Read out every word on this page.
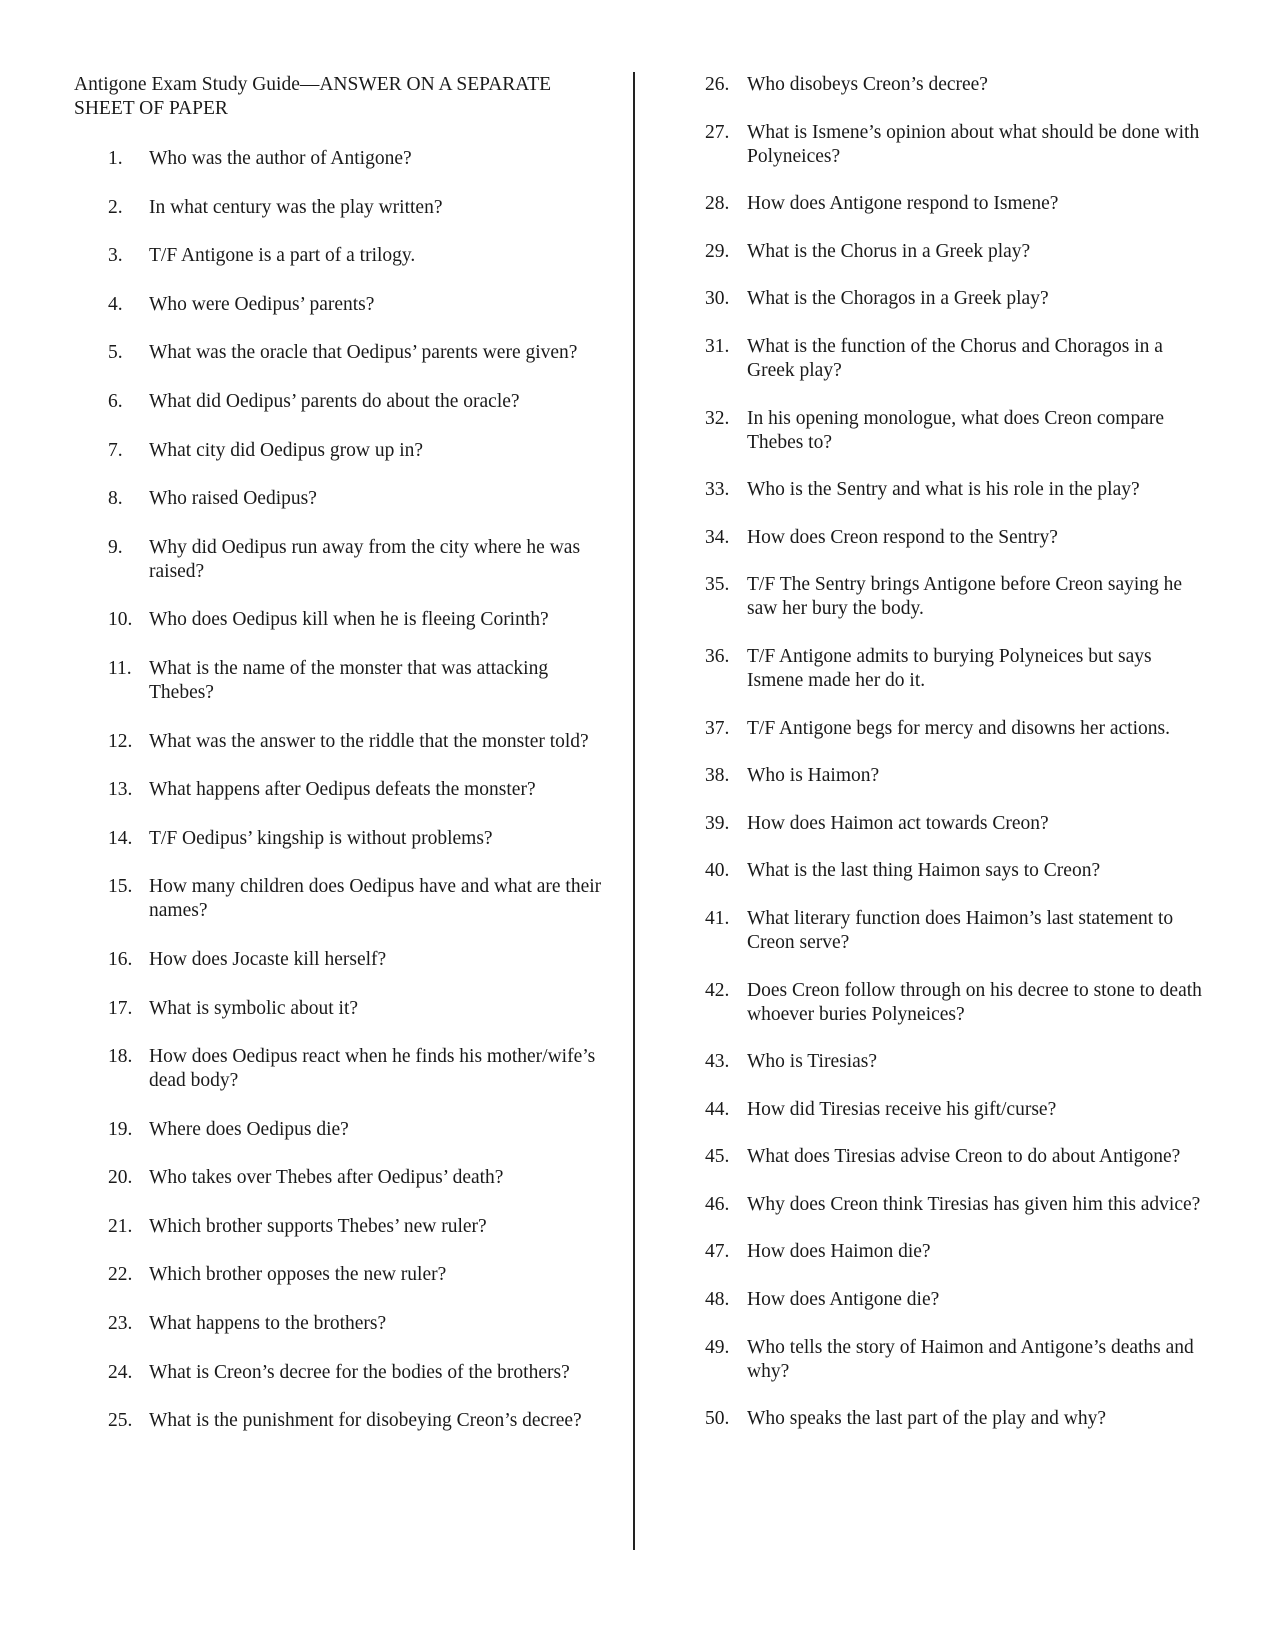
Antigone Exam Study Guide—ANSWER ON A SEPARATE SHEET OF PAPER
1. Who was the author of Antigone?
2. In what century was the play written?
3. T/F Antigone is a part of a trilogy.
4. Who were Oedipus’ parents?
5. What was the oracle that Oedipus’ parents were given?
6. What did Oedipus’ parents do about the oracle?
7. What city did Oedipus grow up in?
8. Who raised Oedipus?
9. Why did Oedipus run away from the city where he was raised?
10. Who does Oedipus kill when he is fleeing Corinth?
11. What is the name of the monster that was attacking Thebes?
12. What was the answer to the riddle that the monster told?
13. What happens after Oedipus defeats the monster?
14. T/F Oedipus’ kingship is without problems?
15. How many children does Oedipus have and what are their names?
16. How does Jocaste kill herself?
17. What is symbolic about it?
18. How does Oedipus react when he finds his mother/wife’s dead body?
19. Where does Oedipus die?
20. Who takes over Thebes after Oedipus’ death?
21. Which brother supports Thebes’ new ruler?
22. Which brother opposes the new ruler?
23. What happens to the brothers?
24. What is Creon’s decree for the bodies of the brothers?
25. What is the punishment for disobeying Creon’s decree?
26. Who disobeys Creon’s decree?
27. What is Ismene’s opinion about what should be done with Polyneices?
28. How does Antigone respond to Ismene?
29. What is the Chorus in a Greek play?
30. What is the Choragos in a Greek play?
31. What is the function of the Chorus and Choragos in a Greek play?
32. In his opening monologue, what does Creon compare Thebes to?
33. Who is the Sentry and what is his role in the play?
34. How does Creon respond to the Sentry?
35. T/F The Sentry brings Antigone before Creon saying he saw her bury the body.
36. T/F Antigone admits to burying Polyneices but says Ismene made her do it.
37. T/F Antigone begs for mercy and disowns her actions.
38. Who is Haimon?
39. How does Haimon act towards Creon?
40. What is the last thing Haimon says to Creon?
41. What literary function does Haimon’s last statement to Creon serve?
42. Does Creon follow through on his decree to stone to death whoever buries Polyneices?
43. Who is Tiresias?
44. How did Tiresias receive his gift/curse?
45. What does Tiresias advise Creon to do about Antigone?
46. Why does Creon think Tiresias has given him this advice?
47. How does Haimon die?
48. How does Antigone die?
49. Who tells the story of Haimon and Antigone’s deaths and why?
50. Who speaks the last part of the play and why?
